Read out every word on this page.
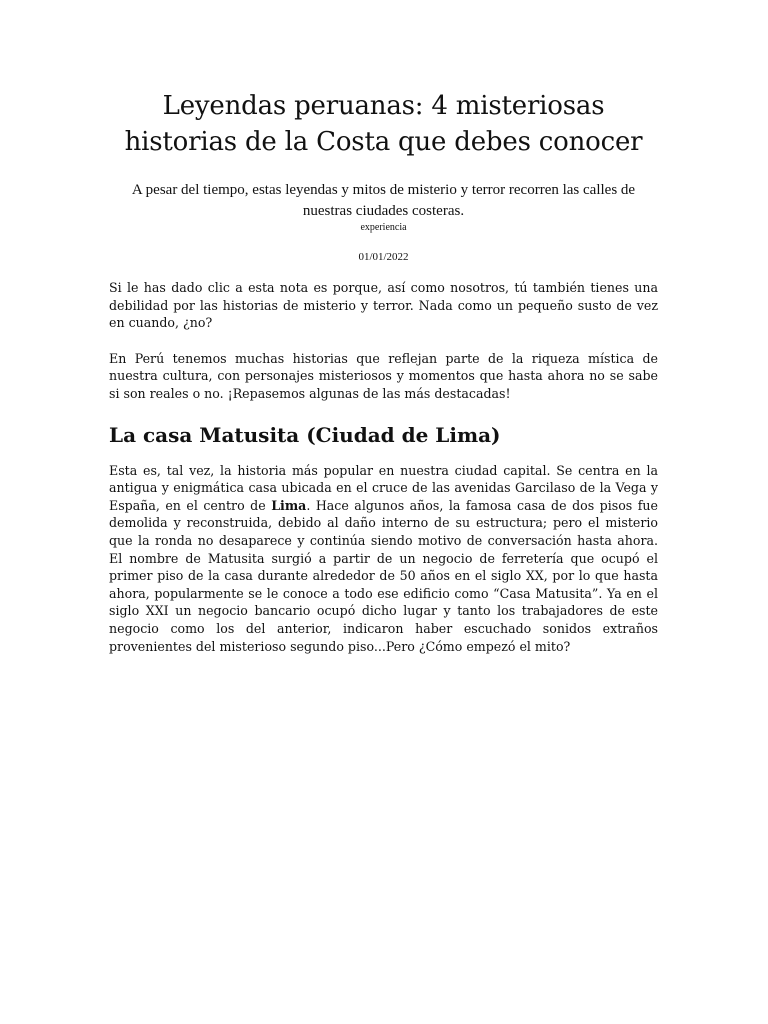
Leyendas peruanas: 4 misteriosas historias de la Costa que debes conocer

A pesar del tiempo, estas leyendas y mitos de misterio y terror recorren las calles de nuestras ciudades costeras.

experiencia

01/01/2022

Si le has dado clic a esta nota es porque, así como nosotros, tú también tienes una debilidad por las historias de misterio y terror. Nada como un pequeño susto de vez en cuando, ¿no?

En Perú tenemos muchas historias que reflejan parte de la riqueza mística de nuestra cultura, con personajes misteriosos y momentos que hasta ahora no se sabe si son reales o no. ¡Repasemos algunas de las más destacadas!

La casa Matusita (Ciudad de Lima)

Esta es, tal vez, la historia más popular en nuestra ciudad capital. Se centra en la antigua y enigmática casa ubicada en el cruce de las avenidas Garcilaso de la Vega y España, en el centro de Lima. Hace algunos años, la famosa casa de dos pisos fue demolida y reconstruida, debido al daño interno de su estructura; pero el misterio que la ronda no desaparece y continúa siendo motivo de conversación hasta ahora. El nombre de Matusita surgió a partir de un negocio de ferretería que ocupó el primer piso de la casa durante alrededor de 50 años en el siglo XX, por lo que hasta ahora, popularmente se le conoce a todo ese edificio como “Casa Matusita”. Ya en el siglo XXI un negocio bancario ocupó dicho lugar y tanto los trabajadores de este negocio como los del anterior, indicaron haber escuchado sonidos extraños provenientes del misterioso segundo piso...Pero ¿Cómo empezó el mito?
